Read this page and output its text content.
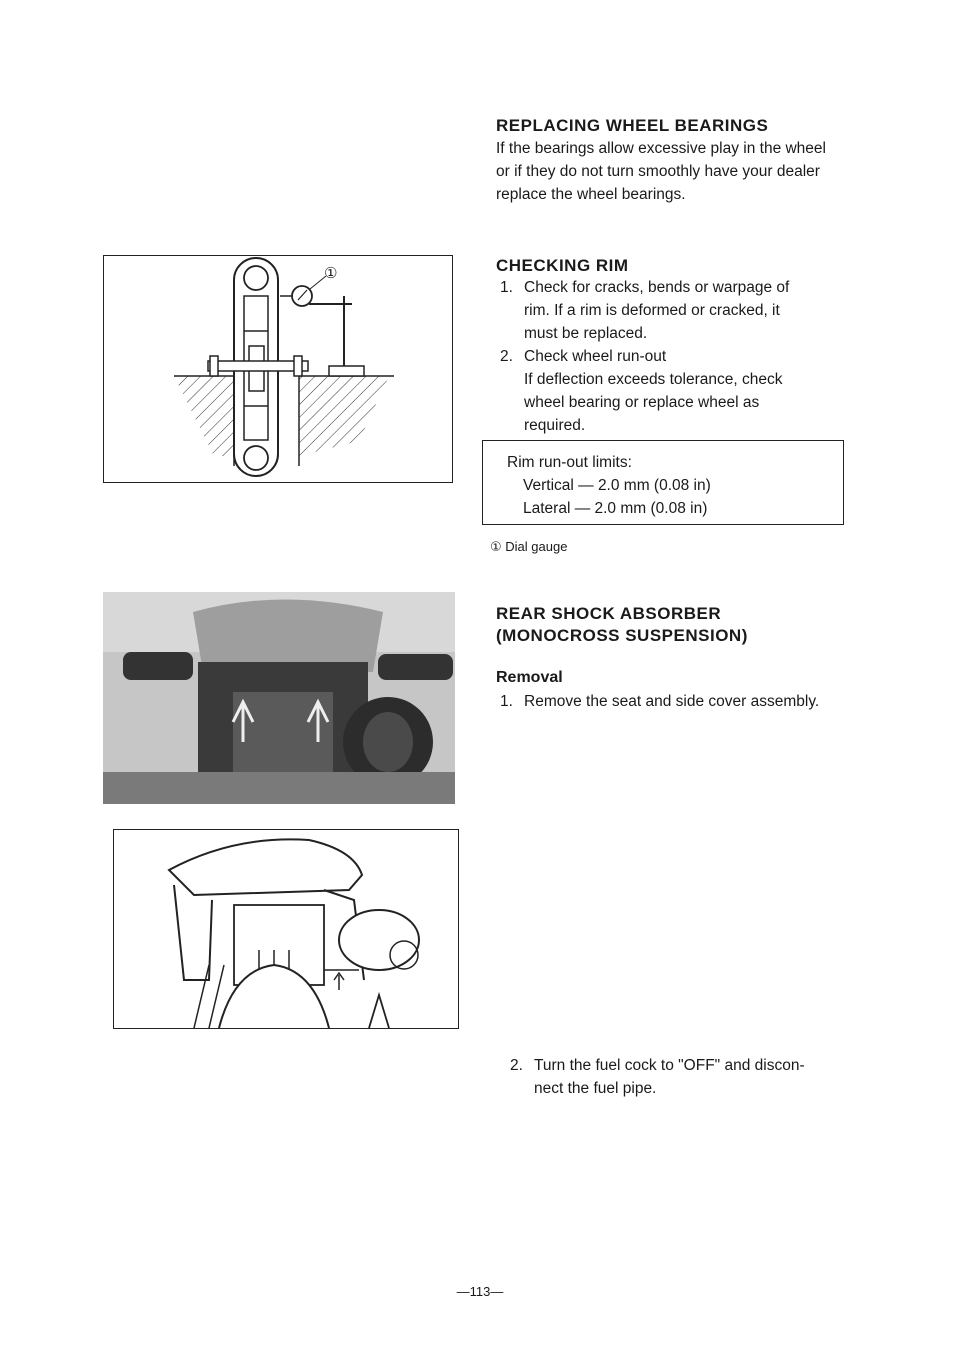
①
REPLACING WHEEL BEARINGS
If the bearings allow excessive play in the wheel
or if they do not turn smoothly have your dealer
replace the wheel bearings.
CHECKING RIM
1. Check for cracks, bends or warpage of
rim. If a rim is deformed or cracked, it
must be replaced.
2. Check wheel run-out
If deflection exceeds tolerance, check
wheel bearing or replace wheel as
required.
Rim run-out limits:
Vertical — 2.0 mm (0.08 in)
Lateral — 2.0 mm (0.08 in)
① Dial gauge
REAR SHOCK ABSORBER
(MONOCROSS SUSPENSION)
Removal
1. Remove the seat and side cover assembly.
2. Turn the fuel cock to "OFF" and discon-
nect the fuel pipe.
—113—
